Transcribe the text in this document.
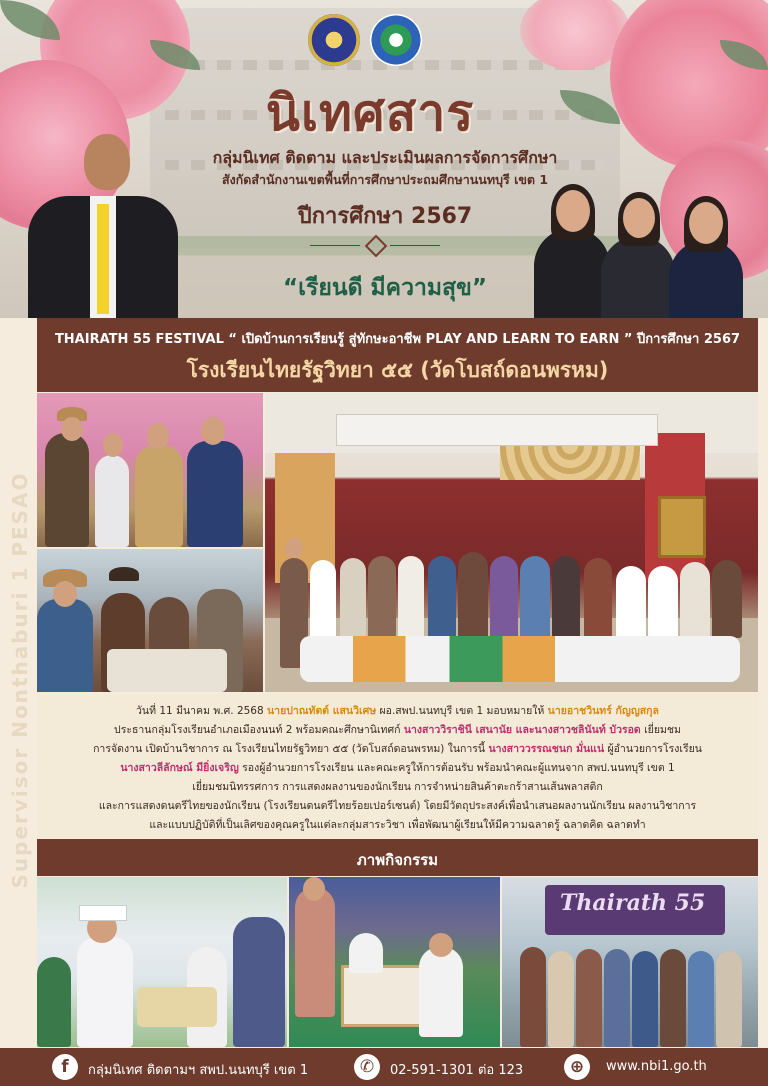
นิเทศสาร
กลุ่มนิเทศ ติดตาม และประเมินผลการจัดการศึกษา
สังกัดสำนักงานเขตพื้นที่การศึกษาประถมศึกษานนทบุรี เขต 1
ปีการศึกษา 2567
“เรียนดี มีความสุข”
Supervisor Nonthaburi 1 PESAO
THAIRATH 55 FESTIVAL “ เปิดบ้านการเรียนรู้ สู่ทักษะอาชีพ PLAY AND LEARN TO EARN ” ปีการศึกษา 2567
โรงเรียนไทยรัฐวิทยา ๕๕ (วัดโบสถ์ดอนพรหม)
วันที่ 11 มีนาคม พ.ศ. 2568 นายปาณทัตต์ แสนวิเศษ ผอ.สพป.นนทบุรี เขต 1 มอบหมายให้ นายอาชวินทร์ กัญญสกุล
ประธานกลุ่มโรงเรียนอำเภอเมืองนนท์ 2 พร้อมคณะศึกษานิเทศก์ นางสาววิราชินี เสนานัย และนางสาวชลินันท์ บัวรอด เยี่ยมชม
การจัดงาน เปิดบ้านวิชาการ ณ โรงเรียนไทยรัฐวิทยา ๕๕ (วัดโบสถ์ดอนพรหม) ในการนี้ นางสาววรรณชนก มั่นแน่ ผู้อำนวยการโรงเรียน
นางสาวลีลักษณ์ มียิ่งเจริญ รองผู้อำนวยการโรงเรียน และคณะครูให้การต้อนรับ พร้อมนำคณะผู้แทนจาก สพป.นนทบุรี เขต 1
เยี่ยมชมนิทรรศการ การแสดงผลงานของนักเรียน การจำหน่ายสินค้าตะกร้าสานเส้นพลาสติก
และการแสดงดนตรีไทยของนักเรียน (โรงเรียนดนตรีไทยร้อยเปอร์เซนต์) โดยมีวัตถุประสงค์เพื่อนำเสนอผลงานนักเรียน ผลงานวิชาการ
และแบบปฏิบัติที่เป็นเลิศของคุณครูในแต่ละกลุ่มสาระวิชา เพื่อพัฒนาผู้เรียนให้มีความฉลาดรู้ ฉลาดคิด ฉลาดทำ
ภาพกิจกรรม
Thairath 55
f	กลุ่มนิเทศ ติดตามฯ สพป.นนทบุรี เขต 1	✆	02-591-1301 ต่อ 123	⊕	www.nbi1.go.th
